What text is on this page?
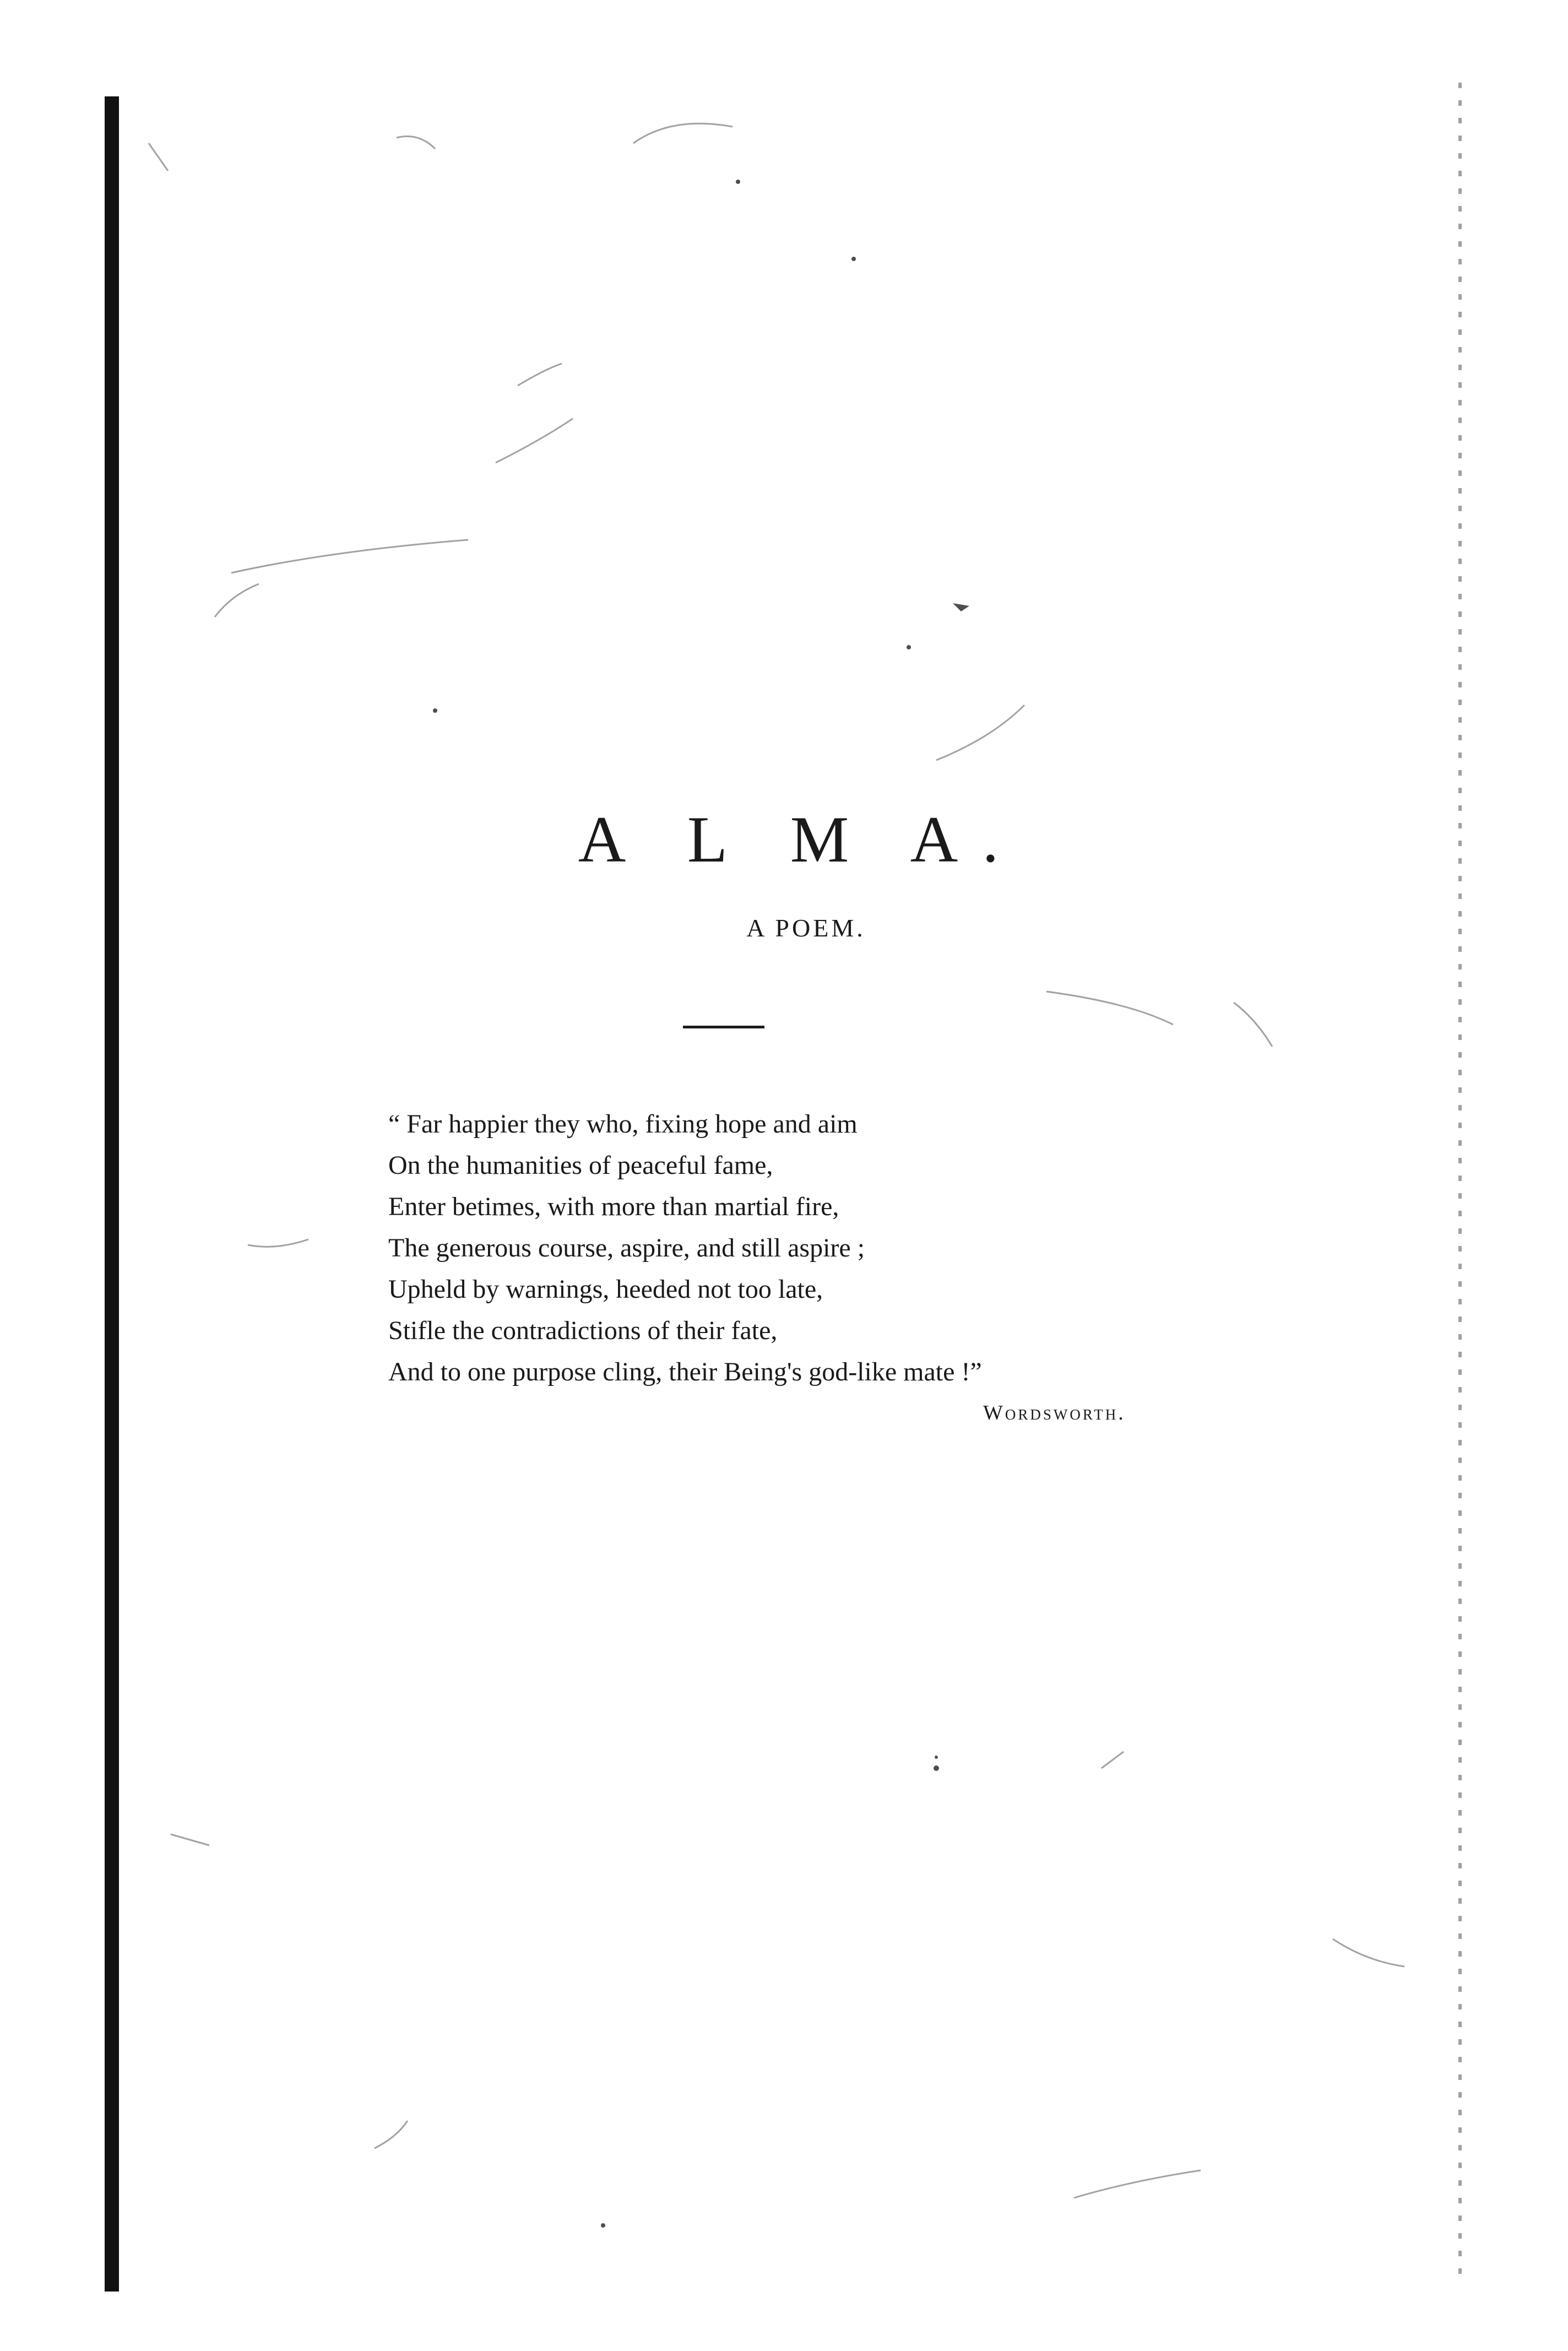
A L M A.
A POEM.
“ Far happier they who, fixing hope and aim
On the humanities of peaceful fame,
Enter betimes, with more than martial fire,
The generous course, aspire, and still aspire ;
Upheld by warnings, heeded not too late,
Stifle the contradictions of their fate,
And to one purpose cling, their Being's god-like mate !”
Wordsworth.
